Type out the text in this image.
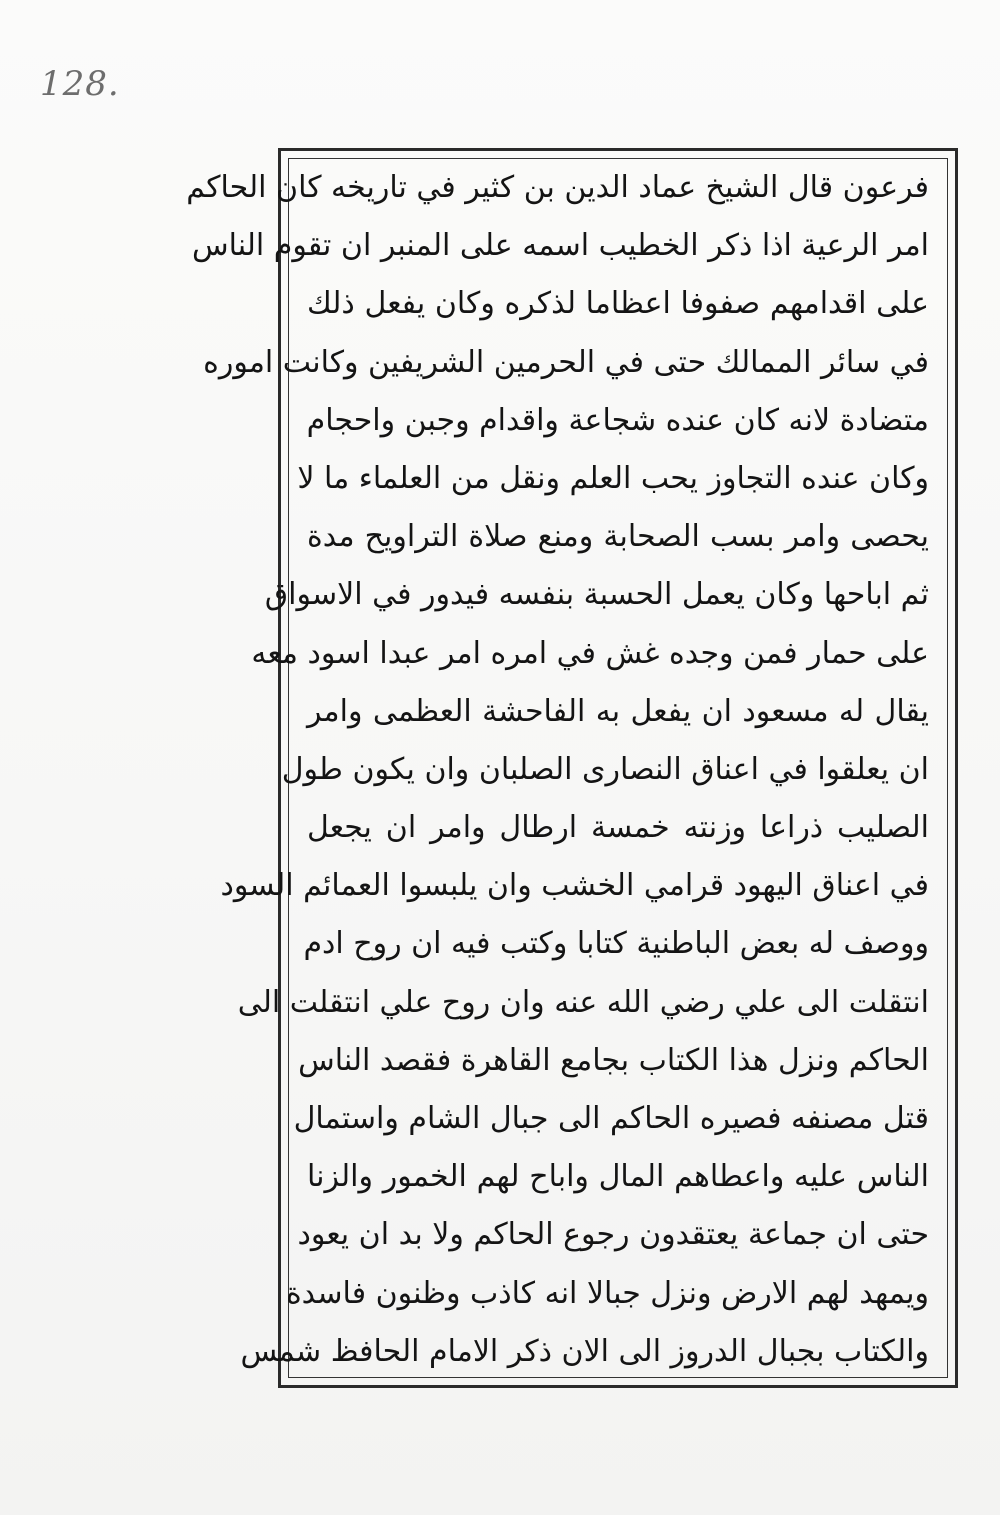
128.
فرعون قال الشيخ عماد الدين بن كثير في تاريخه كان الحاكم
امر الرعية اذا ذكر الخطيب اسمه على المنبر ان تقوم الناس
على اقدامهم صفوفا اعظاما لذكره وكان يفعل ذلك
في سائر الممالك حتى في الحرمين الشريفين وكانت اموره
متضادة لانه كان عنده شجاعة واقدام وجبن واحجام
وكان عنده التجاوز يحب العلم ونقل من العلماء ما لا
يحصى وامر بسب الصحابة ومنع صلاة التراويح مدة
ثم اباحها وكان يعمل الحسبة بنفسه فيدور في الاسواق
على حمار فمن وجده غش في امره امر عبدا اسود معه
يقال له مسعود ان يفعل به الفاحشة العظمى وامر
ان يعلقوا في اعناق النصارى الصلبان وان يكون طول
الصليب ذراعا وزنته خمسة ارطال وامر ان يجعل
في اعناق اليهود قرامي الخشب وان يلبسوا العمائم السود
ووصف له بعض الباطنية كتابا وكتب فيه ان روح ادم
انتقلت الى علي رضي الله عنه وان روح علي انتقلت الى
الحاكم ونزل هذا الكتاب بجامع القاهرة فقصد الناس
قتل مصنفه فصيره الحاكم الى جبال الشام واستمال
الناس عليه واعطاهم المال واباح لهم الخمور والزنا
حتى ان جماعة يعتقدون رجوع الحاكم ولا بد ان يعود
ويمهد لهم الارض ونزل جبالا انه كاذب وظنون فاسدة
والكتاب بجبال الدروز الى الان ذكر الامام الحافظ شمس
